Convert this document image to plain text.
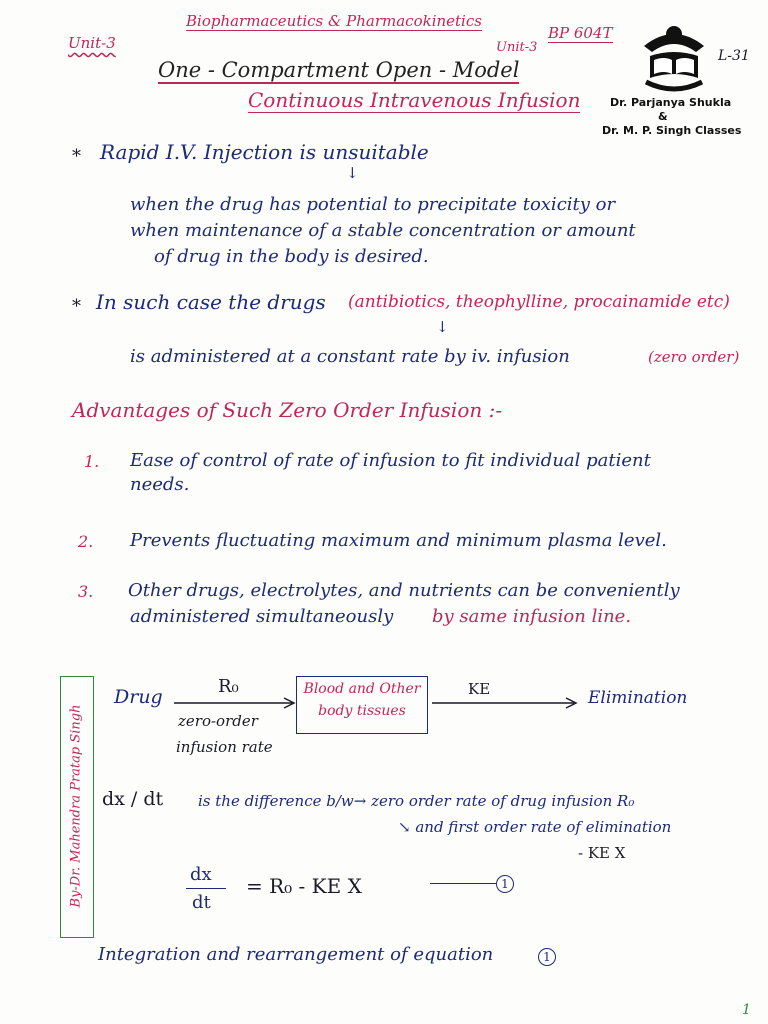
Unit-3
Biopharmaceutics & Pharmacokinetics
BP 604T
Unit-3
L-31
One - Compartment Open - Model
Continuous Intravenous Infusion	Dr. Parjanya Shukla
&
Dr. M. P. Singh Classes
* Rapid I.V. Injection is unsuitable
↓
when the drug has potential to precipitate toxicity or
when maintenance of a stable concentration or amount
of drug in the body is desired.
* In such case the drugs (antibiotics, theophylline, procainamide etc)
↓
is administered at a constant rate by iv. infusion	(zero order)
Advantages of Such Zero Order Infusion :-
1. Ease of control of rate of infusion to fit individual patient
needs.
2. Prevents fluctuating maximum and minimum plasma level.
3. Other drugs, electrolytes, and nutrients can be conveniently
administered simultaneously by same infusion line.
By-Dr. Mahendra Pratap Singh
Drug	R₀	Blood and Other
body tissues
KE	Elimination
zero-order
infusion rate
dx / dt is the difference b/w→ zero order rate of drug infusion R₀
↘ and first order rate of elimination
- KE X
dx
dt
= R₀ - KE X	1
Integration and rearrangement of equation	1
1
